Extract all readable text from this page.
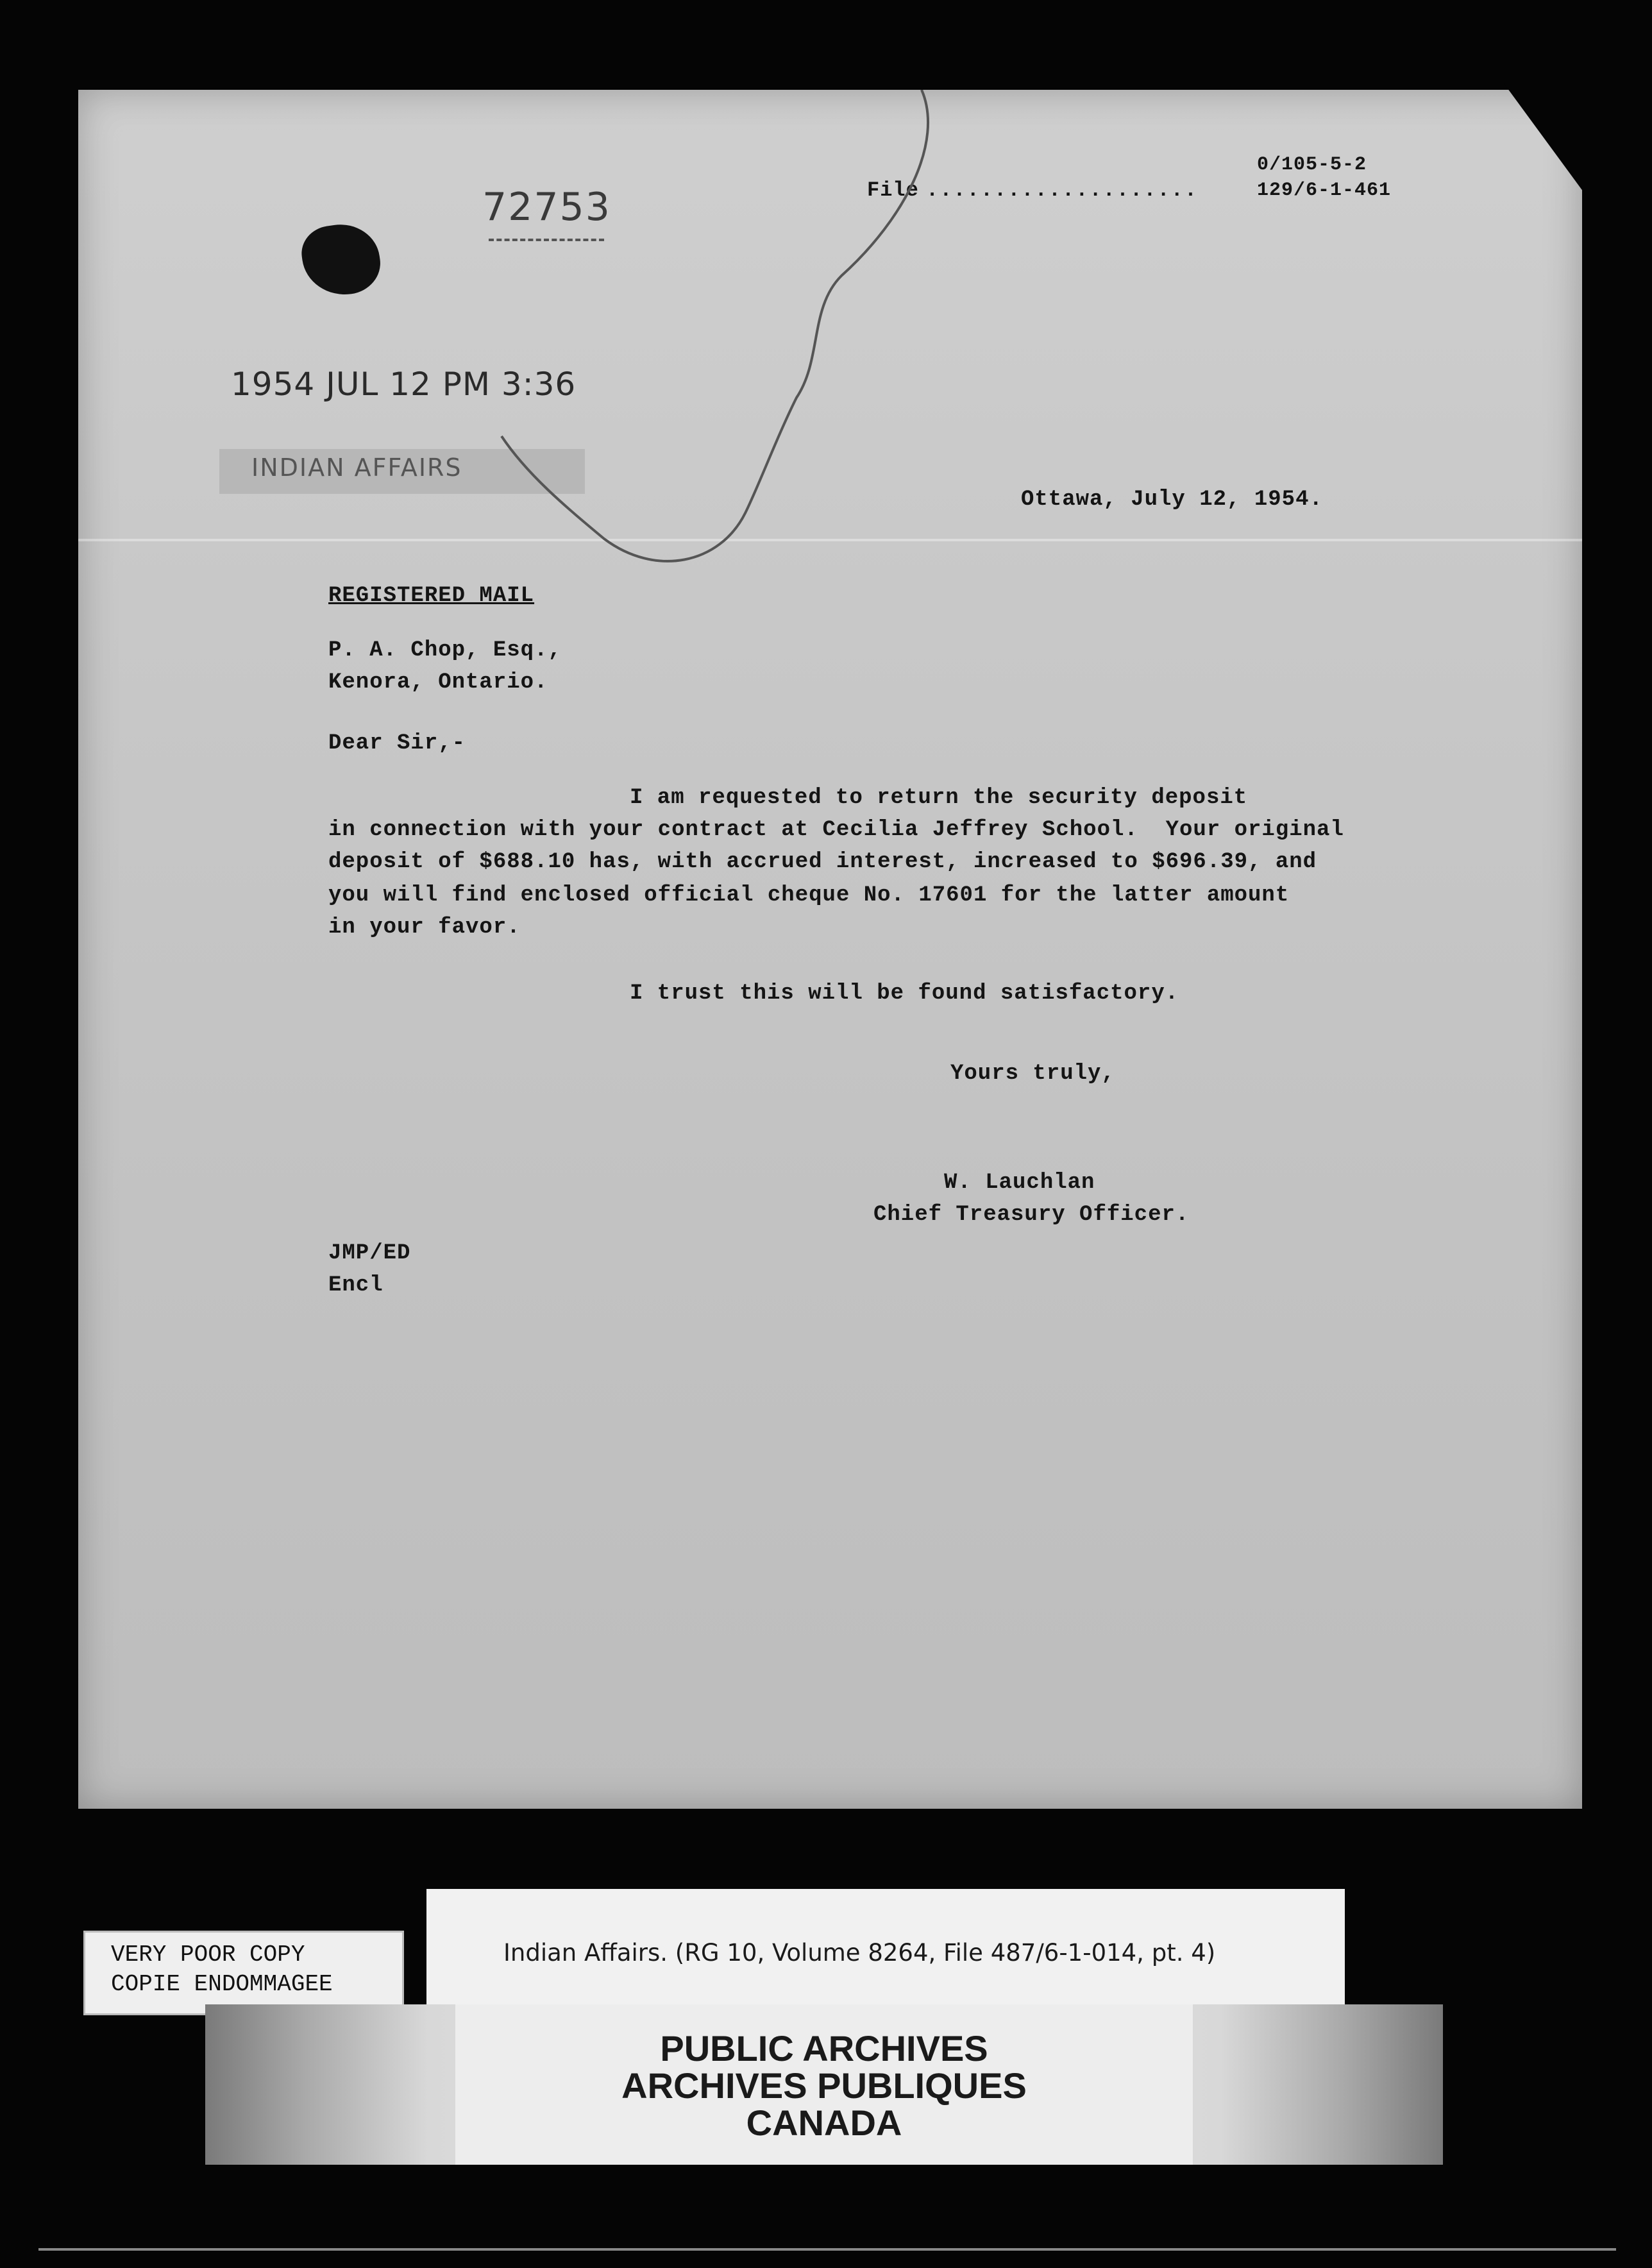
File ....................
0/105-5-2
129/6-1-461
72753
1954 JUL 12 PM 3:36
INDIAN AFFAIRS
Ottawa, July 12, 1954.
REGISTERED MAIL
P. A. Chop, Esq.,
Kenora, Ontario.
Dear Sir,-
I am requested to return the security deposit
in connection with your contract at Cecilia Jeffrey School.  Your original
deposit of $688.10 has, with accrued interest, increased to $696.39, and
you will find enclosed official cheque No. 17601 for the latter amount
in your favor.
I trust this will be found satisfactory.
Yours truly,
W. Lauchlan
Chief Treasury Officer.
JMP/ED
Encl
VERY POOR COPY
COPIE ENDOMMAGEE
Indian Affairs. (RG 10, Volume 8264, File 487/6-1-014, pt. 4)
PUBLIC ARCHIVES
ARCHIVES PUBLIQUES
CANADA
